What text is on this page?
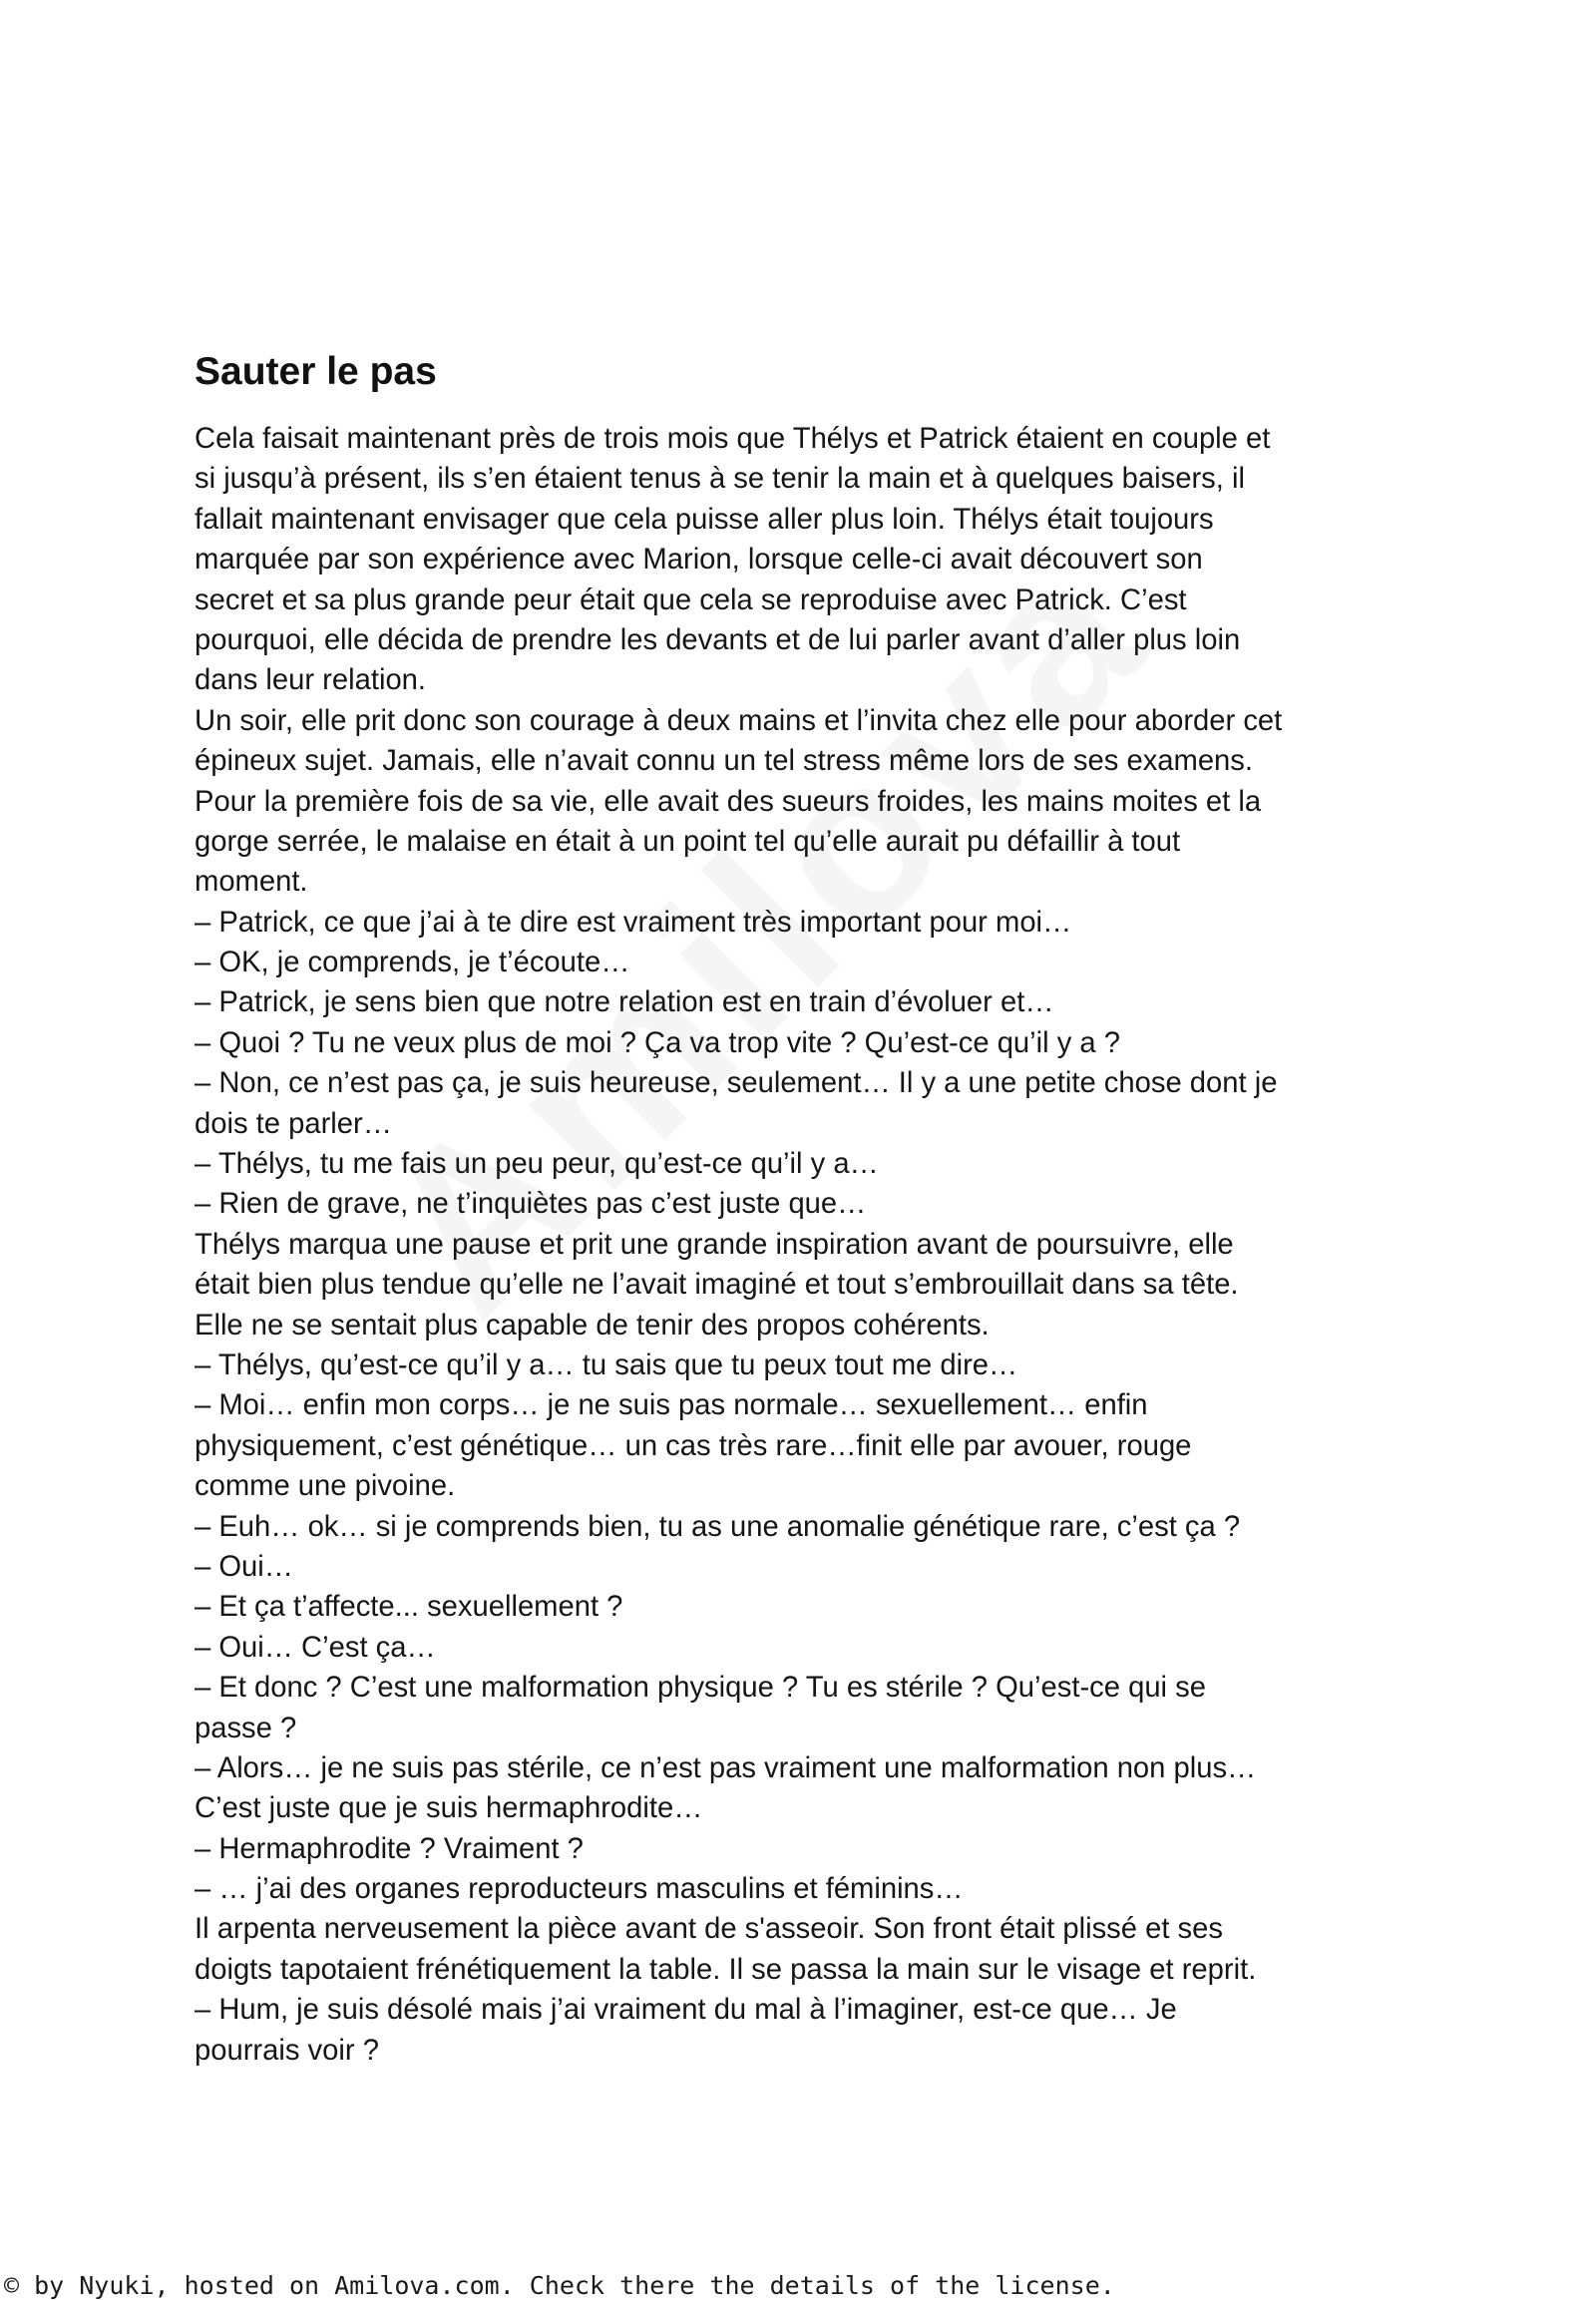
Sauter le pas
Cela faisait maintenant près de trois mois que Thélys et Patrick étaient en couple et
si jusqu’à présent, ils s’en étaient tenus à se tenir la main et à quelques baisers, il
fallait maintenant envisager que cela puisse aller plus loin. Thélys était toujours
marquée par son expérience avec Marion, lorsque celle-ci avait découvert son
secret et sa plus grande peur était que cela se reproduise avec Patrick. C’est
pourquoi, elle décida de prendre les devants et de lui parler avant d’aller plus loin
dans leur relation.
Un soir, elle prit donc son courage à deux mains et l’invita chez elle pour aborder cet
épineux sujet. Jamais, elle n’avait connu un tel stress même lors de ses examens.
Pour la première fois de sa vie, elle avait des sueurs froides, les mains moites et la
gorge serrée, le malaise en était à un point tel qu’elle aurait pu défaillir à tout
moment.
– Patrick, ce que j’ai à te dire est vraiment très important pour moi…
– OK, je comprends, je t’écoute…
– Patrick, je sens bien que notre relation est en train d’évoluer et…
– Quoi ? Tu ne veux plus de moi ? Ça va trop vite ? Qu’est-ce qu’il y a ?
– Non, ce n’est pas ça, je suis heureuse, seulement… Il y a une petite chose dont je
dois te parler…
– Thélys, tu me fais un peu peur, qu’est-ce qu’il y a…
– Rien de grave, ne t’inquiètes pas c’est juste que…
Thélys marqua une pause et prit une grande inspiration avant de poursuivre, elle
était bien plus tendue qu’elle ne l’avait imaginé et tout s’embrouillait dans sa tête.
Elle ne se sentait plus capable de tenir des propos cohérents.
– Thélys, qu’est-ce qu’il y a… tu sais que tu peux tout me dire…
– Moi… enfin mon corps… je ne suis pas normale… sexuellement… enfin
physiquement, c’est génétique… un cas très rare…finit elle par avouer, rouge
comme une pivoine.
– Euh… ok… si je comprends bien, tu as une anomalie génétique rare, c’est ça ?
– Oui…
– Et ça t’affecte... sexuellement ?
– Oui… C’est ça…
– Et donc ? C’est une malformation physique ? Tu es stérile ? Qu’est-ce qui se
passe ?
– Alors… je ne suis pas stérile, ce n’est pas vraiment une malformation non plus…
C’est juste que je suis hermaphrodite…
– Hermaphrodite ? Vraiment ?
– … j’ai des organes reproducteurs masculins et féminins…
Il arpenta nerveusement la pièce avant de s'asseoir. Son front était plissé et ses
doigts tapotaient frénétiquement la table. Il se passa la main sur le visage et reprit.
– Hum, je suis désolé mais j’ai vraiment du mal à l’imaginer, est-ce que… Je
pourrais voir ?
© by Nyuki, hosted on Amilova.com. Check there the details of the license.
